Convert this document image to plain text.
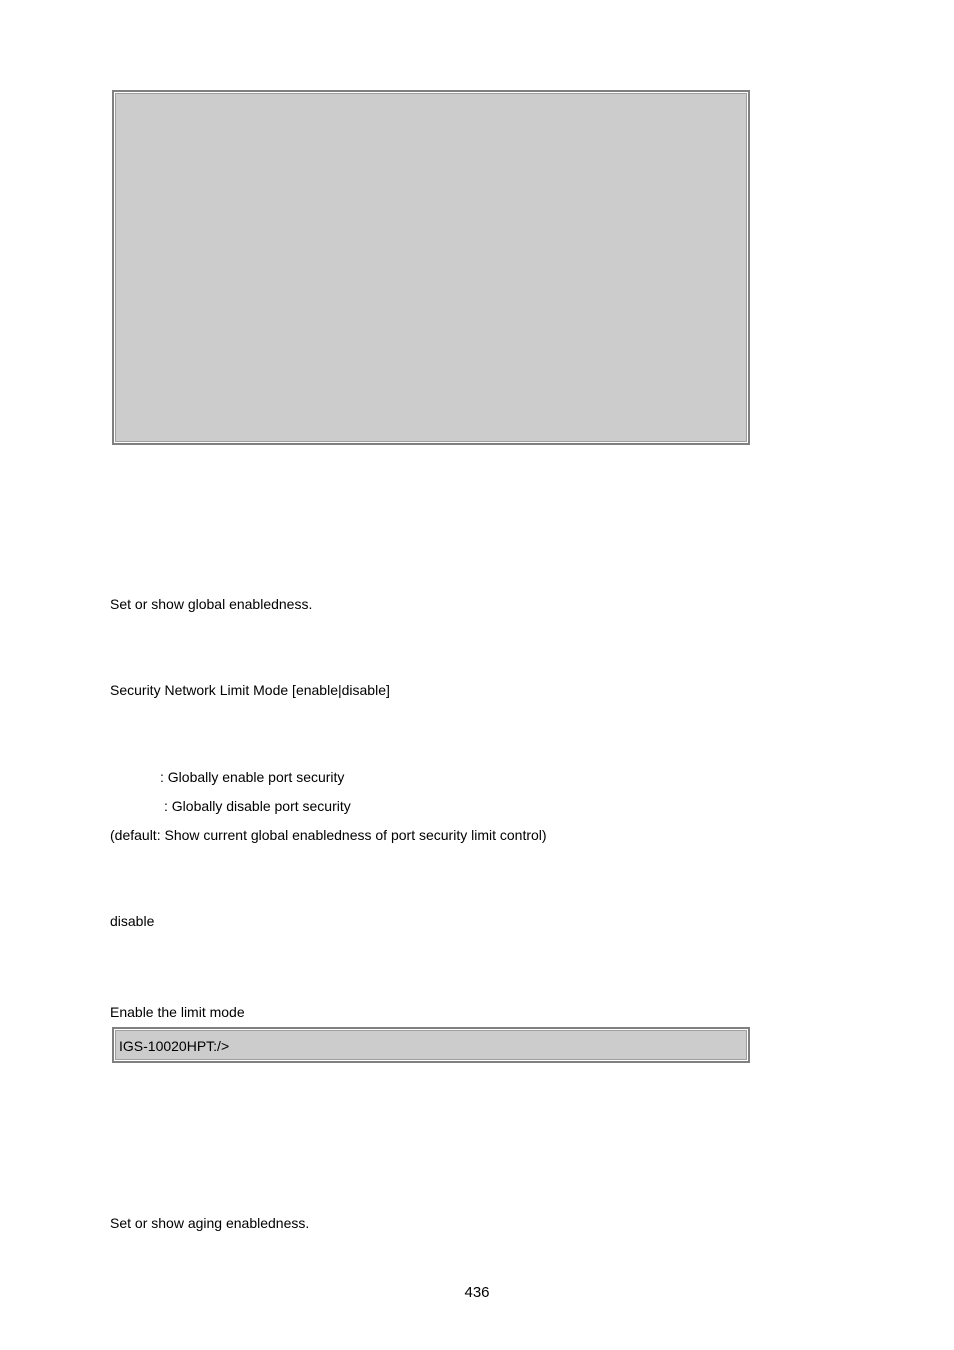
Set or show global enabledness.
Security Network Limit Mode [enable|disable]
: Globally enable port security
: Globally disable port security
(default: Show current global enabledness of port security limit control)
disable
Enable the limit mode
IGS-10020HPT:/>
Set or show aging enabledness.
436
